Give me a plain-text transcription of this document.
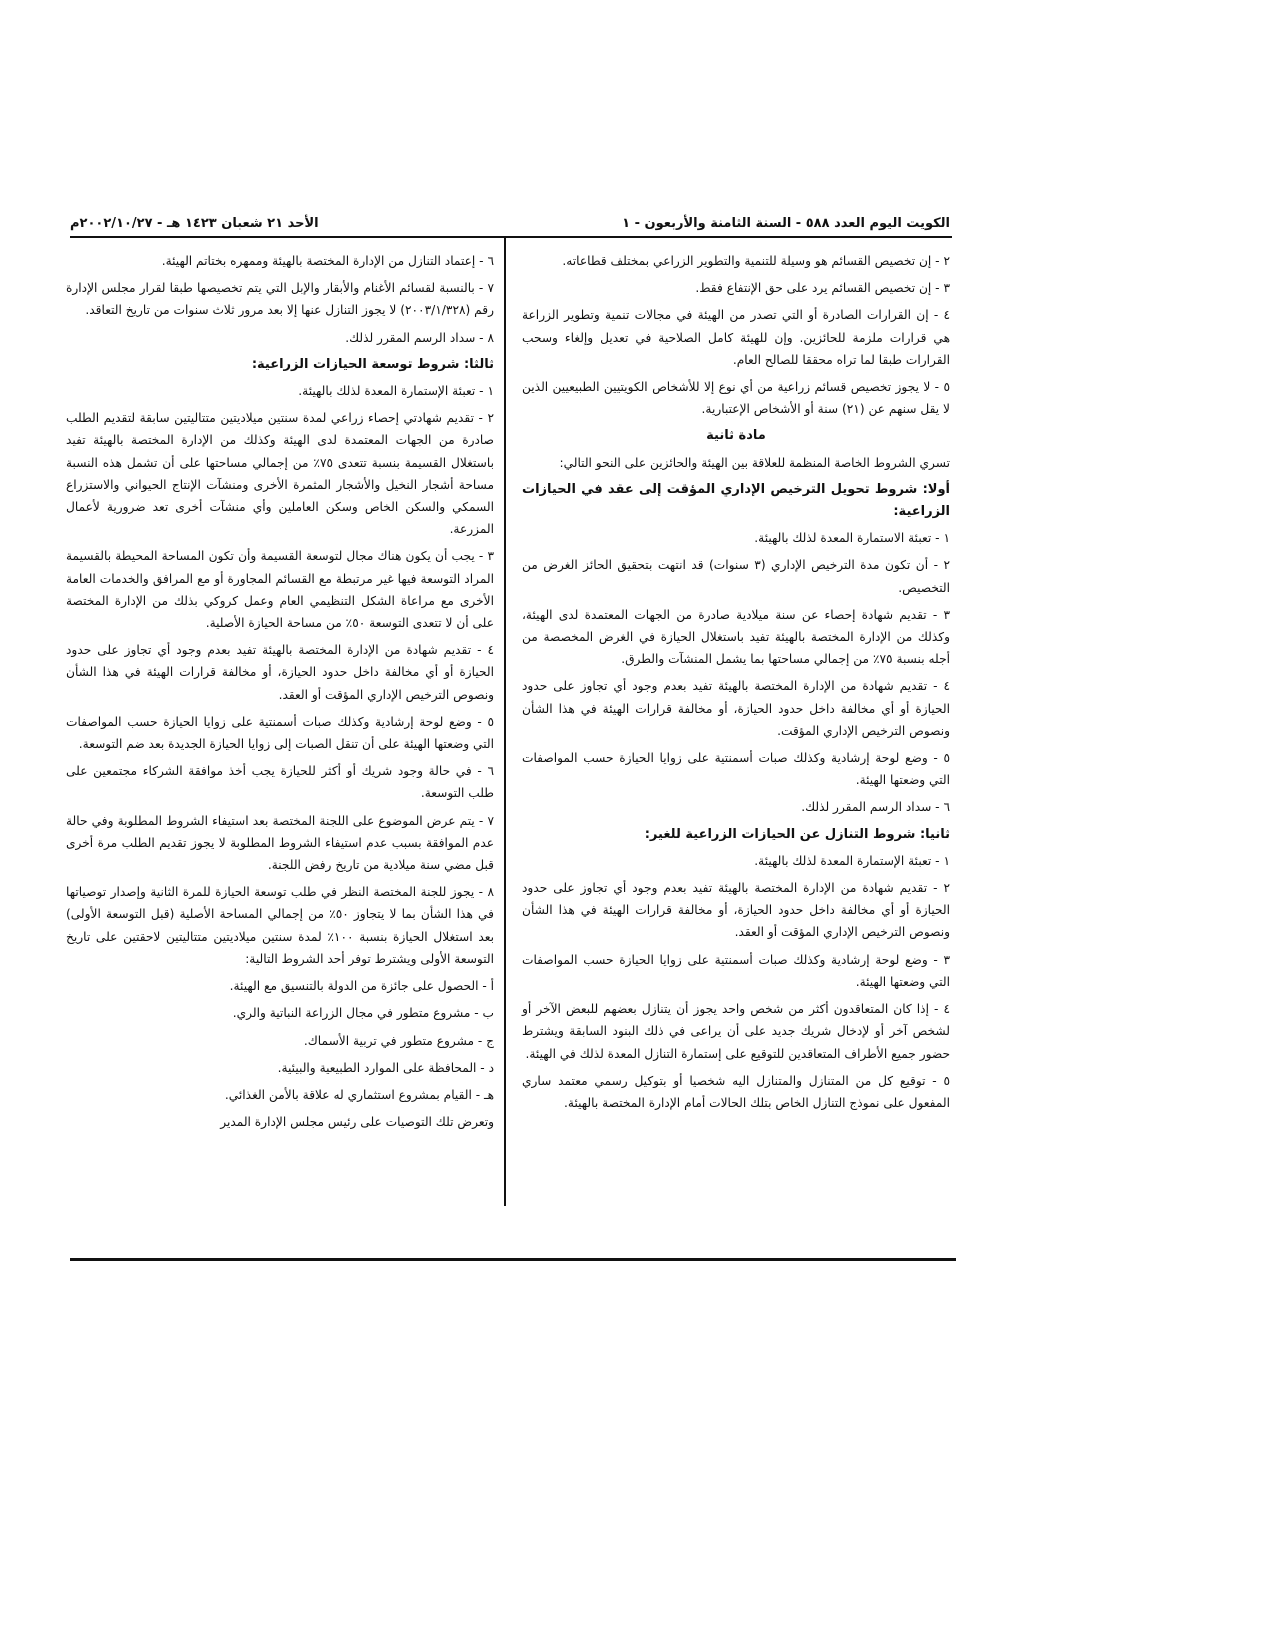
الكويت اليوم العدد ٥٨٨ - السنة الثامنة والأربعون - ١
الأحد ٢١ شعبان ١٤٢٣ هـ - ٢٠٠٢/١٠/٢٧م

٢ - إن تخصيص القسائم هو وسيلة للتنمية والتطوير الزراعي بمختلف قطاعاته.

٣ - إن تخصيص القسائم يرد على حق الإنتفاع فقط.

٤ - إن القرارات الصادرة أو التي تصدر من الهيئة في مجالات تنمية وتطوير الزراعة هي قرارات ملزمة للحائزين. وإن للهيئة كامل الصلاحية في تعديل وإلغاء وسحب القرارات طبقا لما تراه محققا للصالح العام.

٥ - لا يجوز تخصيص قسائم زراعية من أي نوع إلا للأشخاص الكويتيين الطبيعيين الذين لا يقل سنهم عن (٢١) سنة أو الأشخاص الإعتبارية.

مادة ثانية

تسري الشروط الخاصة المنظمة للعلاقة بين الهيئة والحائزين على النحو التالي:

أولا: شروط تحويل الترخيص الإداري المؤقت إلى عقد في الحيازات الزراعية:

١ - تعبئة الاستمارة المعدة لذلك بالهيئة.

٢ - أن تكون مدة الترخيص الإداري (٣ سنوات) قد انتهت بتحقيق الحائز الغرض من التخصيص.

٣ - تقديم شهادة إحصاء عن سنة ميلادية صادرة من الجهات المعتمدة لدى الهيئة، وكذلك من الإدارة المختصة بالهيئة تفيد باستغلال الحيازة في الغرض المخصصة من أجله بنسبة ٧٥٪ من إجمالي مساحتها بما يشمل المنشآت والطرق.

٤ - تقديم شهادة من الإدارة المختصة بالهيئة تفيد بعدم وجود أي تجاوز على حدود الحيازة أو أي مخالفة داخل حدود الحيازة، أو مخالفة قرارات الهيئة في هذا الشأن ونصوص الترخيص الإداري المؤقت.

٥ - وضع لوحة إرشادية وكذلك صبات أسمنتية على زوايا الحيازة حسب المواصفات التي وضعتها الهيئة.

٦ - سداد الرسم المقرر لذلك.

ثانيا: شروط التنازل عن الحيازات الزراعية للغير:

١ - تعبئة الإستمارة المعدة لذلك بالهيئة.

٢ - تقديم شهادة من الإدارة المختصة بالهيئة تفيد بعدم وجود أي تجاوز على حدود الحيازة أو أي مخالفة داخل حدود الحيازة، أو مخالفة قرارات الهيئة في هذا الشأن ونصوص الترخيص الإداري المؤقت أو العقد.

٣ - وضع لوحة إرشادية وكذلك صبات أسمنتية على زوايا الحيازة حسب المواصفات التي وضعتها الهيئة.

٤ - إذا كان المتعاقدون أكثر من شخص واحد يجوز أن يتنازل بعضهم للبعض الآخر أو لشخص آخر أو لإدخال شريك جديد على أن يراعى في ذلك البنود السابقة ويشترط حضور جميع الأطراف المتعاقدين للتوقيع على إستمارة التنازل المعدة لذلك في الهيئة.

٥ - توقيع كل من المتنازل والمتنازل اليه شخصيا أو بتوكيل رسمي معتمد ساري المفعول على نموذج التنازل الخاص بتلك الحالات أمام الإدارة المختصة بالهيئة.

٦ - إعتماد التنازل من الإدارة المختصة بالهيئة وممهره بختاتم الهيئة.

٧ - بالنسبة لقسائم الأغنام والأبقار والإبل التي يتم تخصيصها طبقا لقرار مجلس الإدارة رقم (٢٠٠٣/١/٣٢٨) لا يجوز التنازل عنها إلا بعد مرور ثلاث سنوات من تاريخ التعاقد.

٨ - سداد الرسم المقرر لذلك.

ثالثا: شروط توسعة الحيازات الزراعية:

١ - تعبئة الإستمارة المعدة لذلك بالهيئة.

٢ - تقديم شهادتي إحصاء زراعي لمدة سنتين ميلاديتين متتاليتين سابقة لتقديم الطلب صادرة من الجهات المعتمدة لدى الهيئة وكذلك من الإدارة المختصة بالهيئة تفيد باستغلال القسيمة بنسبة تتعدى ٧٥٪ من إجمالي مساحتها على أن تشمل هذه النسبة مساحة أشجار النخيل والأشجار المثمرة الأخرى ومنشآت الإنتاج الحيواني والاستزراع السمكي والسكن الخاص وسكن العاملين وأي منشآت أخرى تعد ضرورية لأعمال المزرعة.

٣ - يجب أن يكون هناك مجال لتوسعة القسيمة وأن تكون المساحة المحيطة بالقسيمة المراد التوسعة فيها غير مرتبطة مع القسائم المجاورة أو مع المرافق والخدمات العامة الأخرى مع مراعاة الشكل التنظيمي العام وعمل كروكي بذلك من الإدارة المختصة على أن لا تتعدى التوسعة ٥٠٪ من مساحة الحيازة الأصلية.

٤ - تقديم شهادة من الإدارة المختصة بالهيئة تفيد بعدم وجود أي تجاوز على حدود الحيازة أو أي مخالفة داخل حدود الحيازة، أو مخالفة قرارات الهيئة في هذا الشأن ونصوص الترخيص الإداري المؤقت أو العقد.

٥ - وضع لوحة إرشادية وكذلك صبات أسمنتية على زوايا الحيازة حسب المواصفات التي وضعتها الهيئة على أن تنقل الصبات إلى زوايا الحيازة الجديدة بعد ضم التوسعة.

٦ - في حالة وجود شريك أو أكثر للحيازة يجب أخذ موافقة الشركاء مجتمعين على طلب التوسعة.

٧ - يتم عرض الموضوع على اللجنة المختصة بعد استيفاء الشروط المطلوبة وفي حالة عدم الموافقة بسبب عدم استيفاء الشروط المطلوبة لا يجوز تقديم الطلب مرة أخرى قبل مضي سنة ميلادية من تاريخ رفض اللجنة.

٨ - يجوز للجنة المختصة النظر في طلب توسعة الحيازة للمرة الثانية وإصدار توصياتها في هذا الشأن بما لا يتجاوز ٥٠٪ من إجمالي المساحة الأصلية (قبل التوسعة الأولى) بعد استغلال الحيازة بنسبة ١٠٠٪ لمدة سنتين ميلاديتين متتاليتين لاحقتين على تاريخ التوسعة الأولى ويشترط توفر أحد الشروط التالية:

أ - الحصول على جائزة من الدولة بالتنسيق مع الهيئة.

ب - مشروع متطور في مجال الزراعة النباتية والري.

ج - مشروع متطور في تربية الأسماك.

د - المحافظة على الموارد الطبيعية والبيئية.

هـ - القيام بمشروع استثماري له علاقة بالأمن الغذائي.

وتعرض تلك التوصيات على رئيس مجلس الإدارة المدير
